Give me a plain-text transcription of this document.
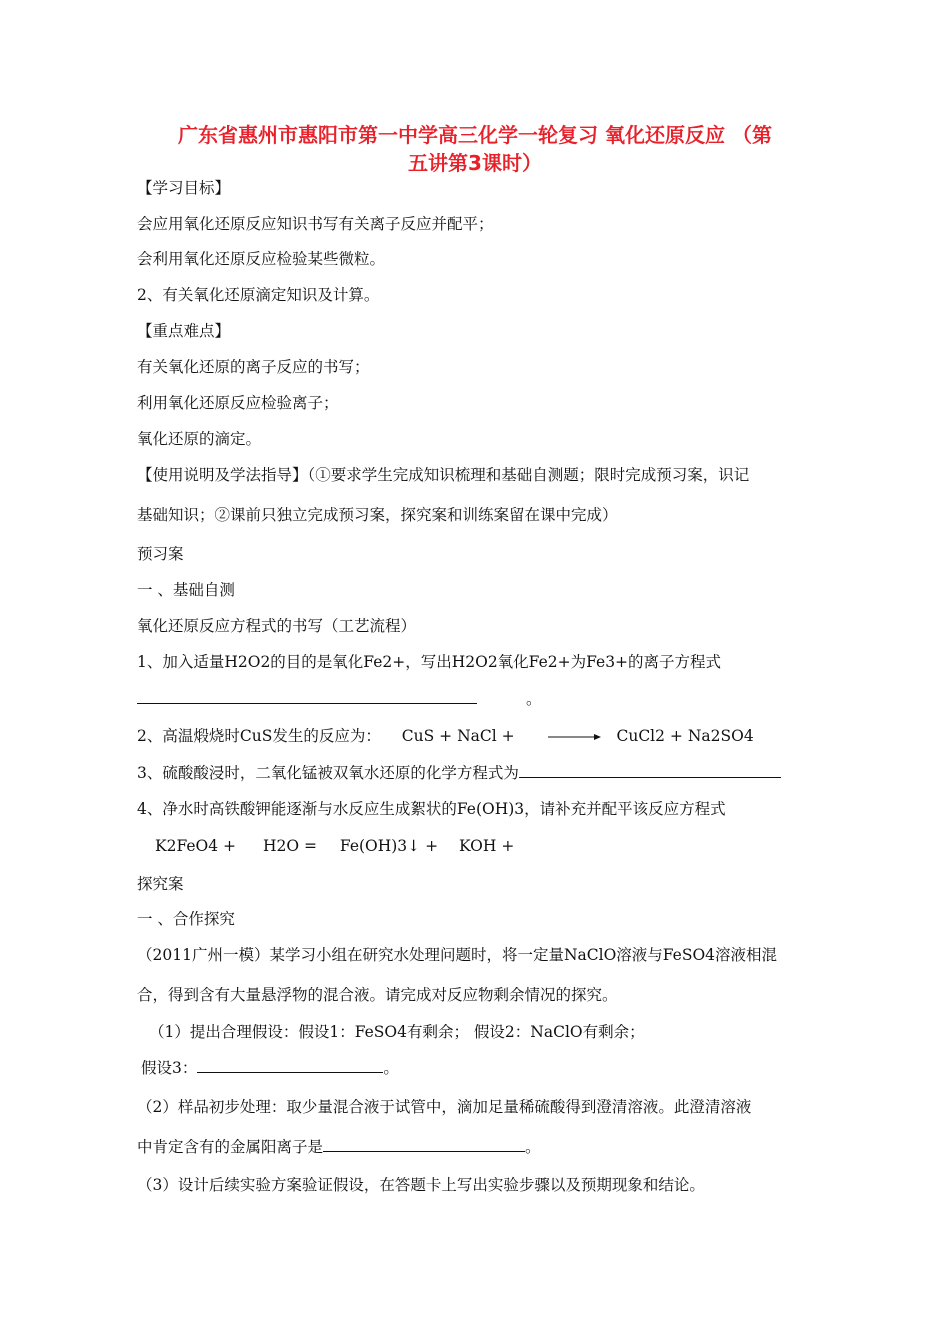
广东省惠州市惠阳市第一中学高三化学一轮复习 氧化还原反应 （第
五讲第3课时）
【学习目标】
会应用氧化还原反应知识书写有关离子反应并配平；
会利用氧化还原反应检验某些微粒。
2、有关氧化还原滴定知识及计算。
【重点难点】
有关氧化还原的离子反应的书写；
利用氧化还原反应检验离子；
氧化还原的滴定。
【使用说明及学法指导】（①要求学生完成知识梳理和基础自测题；限时完成预习案，识记
基础知识；②课前只独立完成预习案，探究案和训练案留在课中完成）
预习案
一 、基础自测
氧化还原反应方程式的书写（工艺流程）
1、加入适量H2O2的目的是氧化Fe2+，写出H2O2氧化Fe2+为Fe3+的离子方程式
。
2、高温煅烧时CuS发生的反应为： CuS + NaCl + → CuCl2 + Na2SO4
3、硫酸酸浸时，二氧化锰被双氧水还原的化学方程式为
4、净水时高铁酸钾能逐渐与水反应生成絮状的Fe(OH)3，请补充并配平该反应方程式
K2FeO4 + H2O = Fe(OH)3↓ + KOH +
探究案
一 、合作探究
（2011广州一模）某学习小组在研究水处理问题时，将一定量NaClO溶液与FeSO4溶液相混
合，得到含有大量悬浮物的混合液。请完成对反应物剩余情况的探究。
（1）提出合理假设：假设1：FeSO4有剩余； 假设2：NaClO有剩余；
假设3：	。
（2）样品初步处理：取少量混合液于试管中，滴加足量稀硫酸得到澄清溶液。此澄清溶液
中肯定含有的金属阳离子是	。
（3）设计后续实验方案验证假设，在答题卡上写出实验步骤以及预期现象和结论。
